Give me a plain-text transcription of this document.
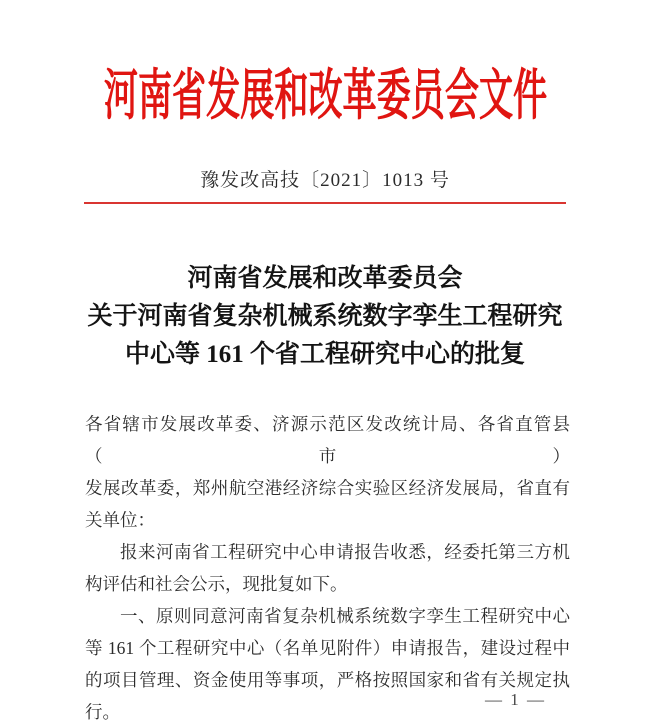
河南省发展和改革委员会文件
豫发改高技〔2021〕1013 号
河南省发展和改革委员会
关于河南省复杂机械系统数字孪生工程研究
中心等 161 个省工程研究中心的批复
各省辖市发展改革委、济源示范区发改统计局、各省直管县（市）
发展改革委，郑州航空港经济综合实验区经济发展局，省直有
关单位：
报来河南省工程研究中心申请报告收悉，经委托第三方机
构评估和社会公示，现批复如下。
一、原则同意河南省复杂机械系统数字孪生工程研究中心
等 161 个工程研究中心（名单见附件）申请报告，建设过程中
的项目管理、资金使用等事项，严格按照国家和省有关规定执
行。
— 1 —
